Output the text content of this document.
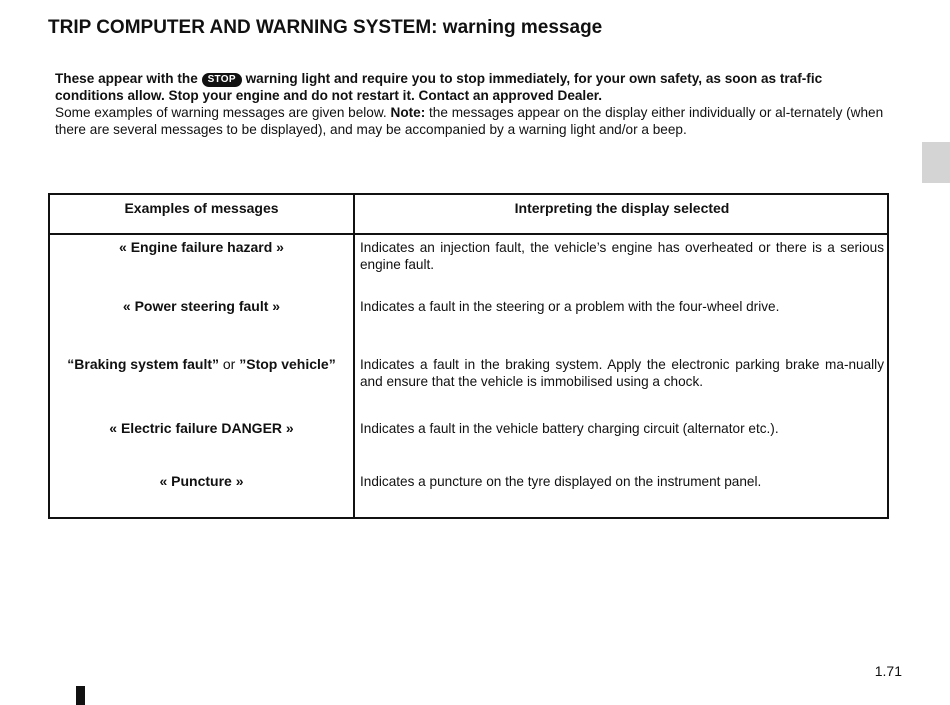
TRIP COMPUTER AND WARNING SYSTEM: warning message
These appear with the STOP warning light and require you to stop immediately, for your own safety, as soon as traf-fic conditions allow. Stop your engine and do not restart it. Contact an approved Dealer.
Some examples of warning messages are given below. Note: the messages appear on the display either individually or al-ternately (when there are several messages to be displayed), and may be accompanied by a warning light and/or a beep.
Examples of messages	Interpreting the display selected
« Engine failure hazard »	Indicates an injection fault, the vehicle’s engine has overheated or there is a serious engine fault.
« Power steering fault »	Indicates a fault in the steering or a problem with the four-wheel drive.
“Braking system fault” or ”Stop vehicle”	Indicates a fault in the braking system. Apply the electronic parking brake ma-nually and ensure that the vehicle is immobilised using a chock.
« Electric failure DANGER »	Indicates a fault in the vehicle battery charging circuit (alternator etc.).
« Puncture »	Indicates a puncture on the tyre displayed on the instrument panel.
1.71
